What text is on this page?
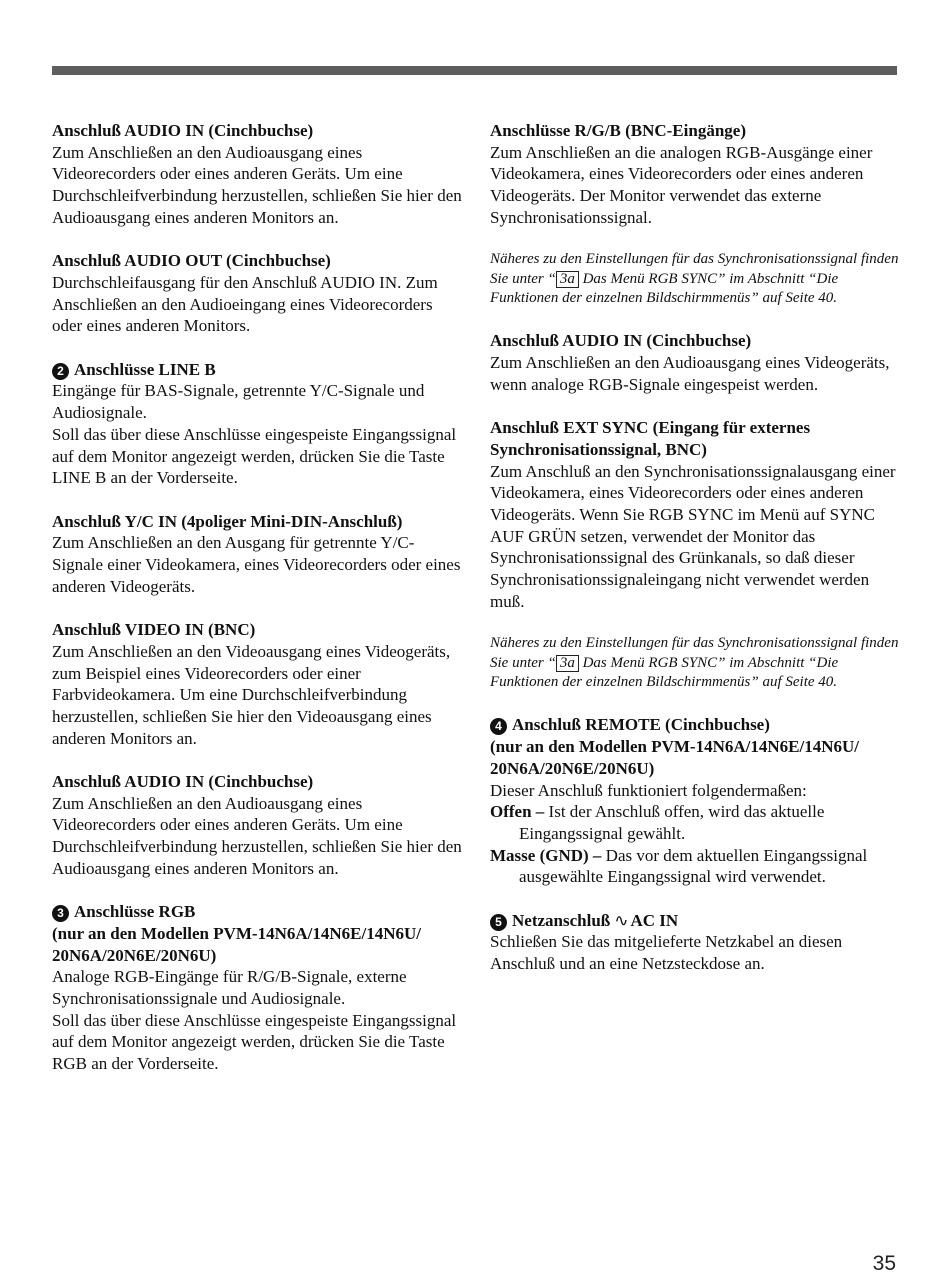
Anschluß AUDIO IN (Cinchbuchse)
Zum Anschließen an den Audioausgang eines Videorecorders oder eines anderen Geräts. Um eine Durchschleifverbindung herzustellen, schließen Sie hier den Audioausgang eines anderen Monitors an.
Anschluß AUDIO OUT (Cinchbuchse)
Durchschleifausgang für den Anschluß AUDIO IN. Zum Anschließen an den Audioeingang eines Videorecorders oder eines anderen Monitors.
2 Anschlüsse LINE B
Eingänge für BAS-Signale, getrennte Y/C-Signale und Audiosignale.
Soll das über diese Anschlüsse eingespeiste Eingangssignal auf dem Monitor angezeigt werden, drücken Sie die Taste LINE B an der Vorderseite.
Anschluß Y/C IN (4poliger Mini-DIN-Anschluß)
Zum Anschließen an den Ausgang für getrennte Y/C-Signale einer Videokamera, eines Videorecorders oder eines anderen Videogeräts.
Anschluß VIDEO IN (BNC)
Zum Anschließen an den Videoausgang eines Videogeräts, zum Beispiel eines Videorecorders oder einer Farbvideokamera. Um eine Durchschleifverbindung herzustellen, schließen Sie hier den Videoausgang eines anderen Monitors an.
Anschluß AUDIO IN (Cinchbuchse)
Zum Anschließen an den Audioausgang eines Videorecorders oder eines anderen Geräts. Um eine Durchschleifverbindung herzustellen, schließen Sie hier den Audioausgang eines anderen Monitors an.
3 Anschlüsse RGB
(nur an den Modellen PVM-14N6A/14N6E/14N6U/ 20N6A/20N6E/20N6U)
Analoge RGB-Eingänge für R/G/B-Signale, externe Synchronisationssignale und Audiosignale.
Soll das über diese Anschlüsse eingespeiste Eingangssignal auf dem Monitor angezeigt werden, drücken Sie die Taste RGB an der Vorderseite.
Anschlüsse R/G/B (BNC-Eingänge)
Zum Anschließen an die analogen RGB-Ausgänge einer Videokamera, eines Videorecorders oder eines anderen Videogeräts. Der Monitor verwendet das externe Synchronisationssignal.
Näheres zu den Einstellungen für das Synchronisationssignal finden Sie unter “ 3a Das Menü RGB SYNC” im Abschnitt “Die Funktionen der einzelnen Bildschirmmenüs” auf Seite 40.
Anschluß AUDIO IN (Cinchbuchse)
Zum Anschließen an den Audioausgang eines Videogeräts, wenn analoge RGB-Signale eingespeist werden.
Anschluß EXT SYNC (Eingang für externes Synchronisationssignal, BNC)
Zum Anschluß an den Synchronisationssignalausgang einer Videokamera, eines Videorecorders oder eines anderen Videogeräts. Wenn Sie RGB SYNC im Menü auf SYNC AUF GRÜN setzen, verwendet der Monitor das Synchronisationssignal des Grünkanals, so daß dieser Synchronisationssignaleingang nicht verwendet werden muß.
Näheres zu den Einstellungen für das Synchronisationssignal finden Sie unter “ 3a Das Menü RGB SYNC” im Abschnitt “Die Funktionen der einzelnen Bildschirmmenüs” auf Seite 40.
4 Anschluß REMOTE (Cinchbuchse)
(nur an den Modellen PVM-14N6A/14N6E/14N6U/ 20N6A/20N6E/20N6U)
Dieser Anschluß funktioniert folgendermaßen:
Offen – Ist der Anschluß offen, wird das aktuelle Eingangssignal gewählt.
Masse (GND) – Das vor dem aktuellen Eingangssignal ausgewählte Eingangssignal wird verwendet.
5 Netzanschluß ∿ AC IN
Schließen Sie das mitgelieferte Netzkabel an diesen Anschluß und an eine Netzsteckdose an.
35
